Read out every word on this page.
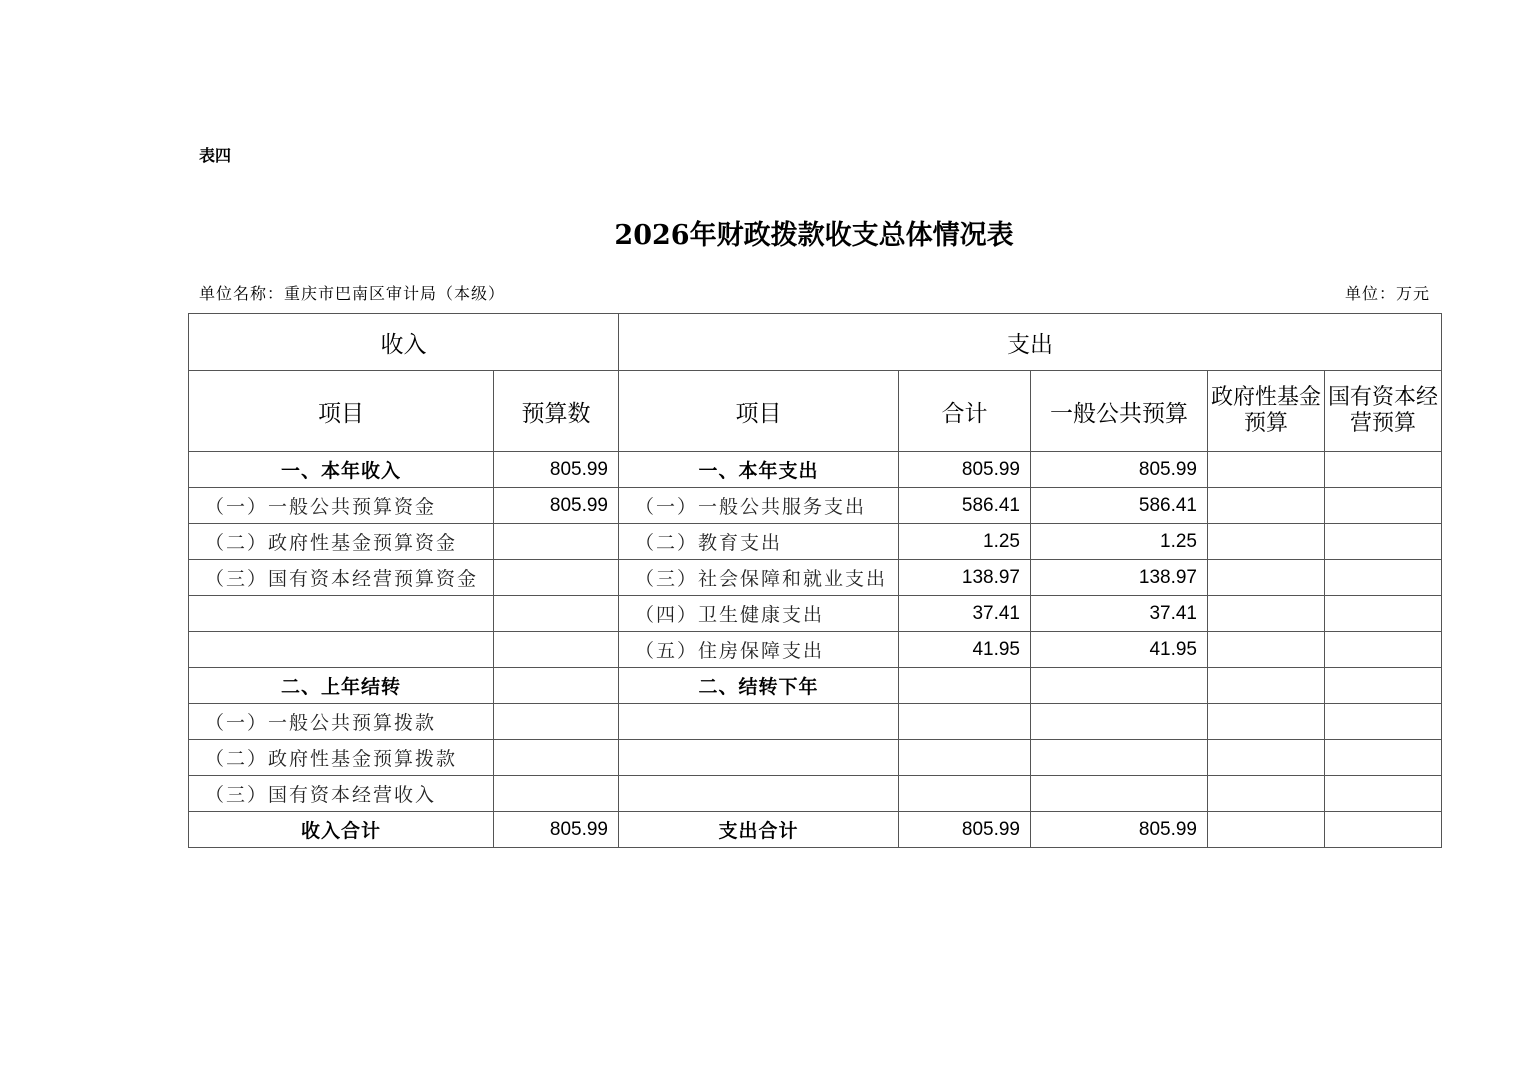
表四
2026年财政拨款收支总体情况表
单位名称：重庆市巴南区审计局（本级）	单位：万元
收入		支出				
项目	预算数	项目	合计	一般公共预算	政府性基金预算	国有资本经营预算
一、本年收入	805.99	一、本年支出	805.99	805.99		
（一）一般公共预算资金	805.99	（一）一般公共服务支出	586.41	586.41		
（二）政府性基金预算资金		（二）教育支出	1.25	1.25		
（三）国有资本经营预算资金		（三）社会保障和就业支出	138.97	138.97		
		（四）卫生健康支出	37.41	37.41		
		（五）住房保障支出	41.95	41.95		
二、上年结转		二、结转下年				
（一）一般公共预算拨款						
（二）政府性基金预算拨款						
（三）国有资本经营收入						
收入合计	805.99	支出合计	805.99	805.99		
